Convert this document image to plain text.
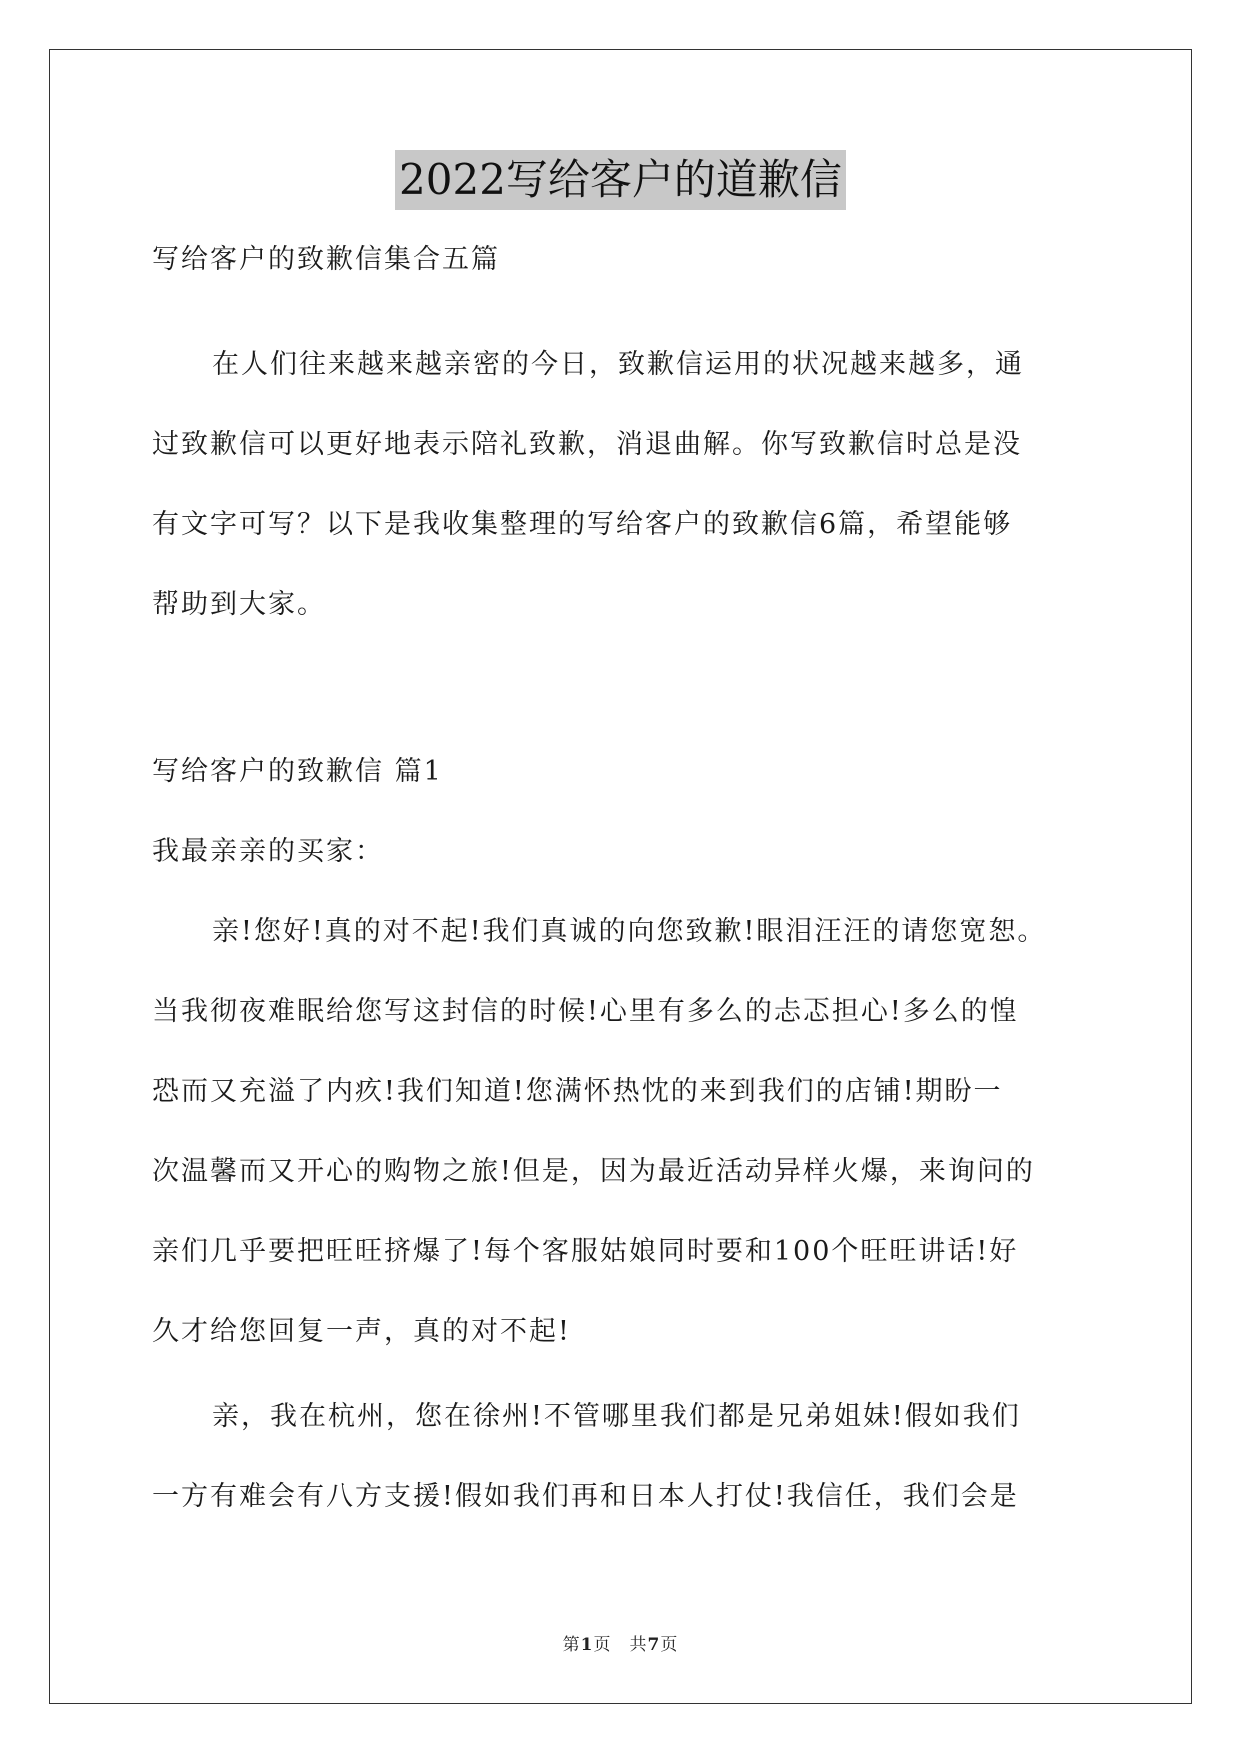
2022写给客户的道歉信
写给客户的致歉信集合五篇
在人们往来越来越亲密的今日，致歉信运用的状况越来越多，通
过致歉信可以更好地表示陪礼致歉，消退曲解。你写致歉信时总是没
有文字可写？以下是我收集整理的写给客户的致歉信6篇，希望能够
帮助到大家。
写给客户的致歉信 篇1
我最亲亲的买家：
亲!您好!真的对不起!我们真诚的向您致歉!眼泪汪汪的请您宽恕。
当我彻夜难眠给您写这封信的时候!心里有多么的忐忑担心!多么的惶
恐而又充溢了内疚!我们知道!您满怀热忱的来到我们的店铺!期盼一
次温馨而又开心的购物之旅!但是，因为最近活动异样火爆，来询问的
亲们几乎要把旺旺挤爆了!每个客服姑娘同时要和100个旺旺讲话!好
久才给您回复一声，真的对不起!
亲，我在杭州，您在徐州!不管哪里我们都是兄弟姐妹!假如我们
一方有难会有八方支援!假如我们再和日本人打仗!我信任，我们会是
第1页　共7页
